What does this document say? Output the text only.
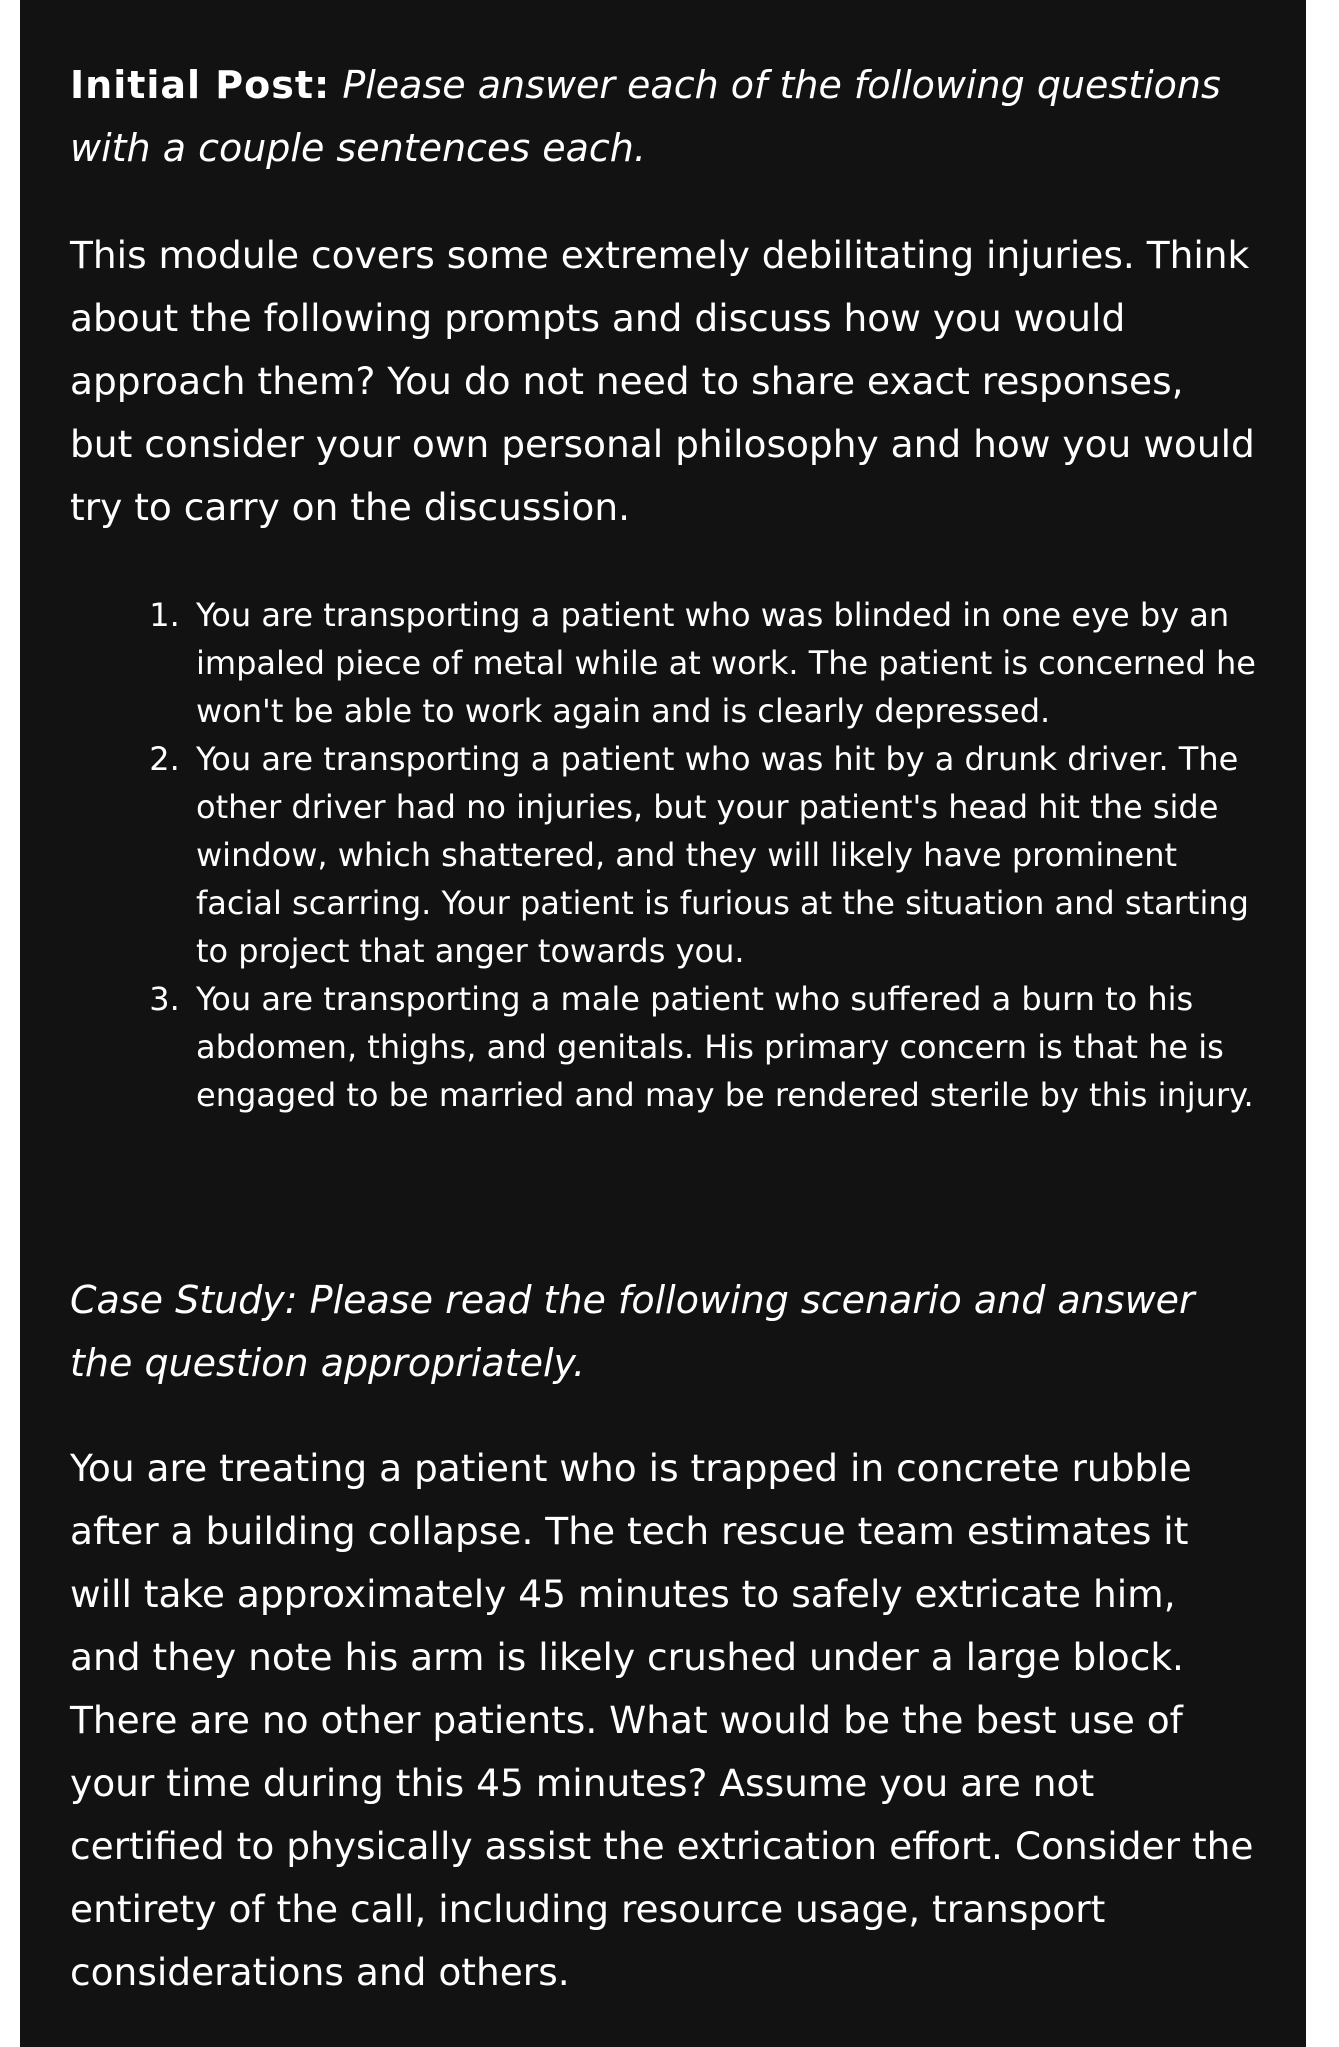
Initial Post: Please answer each of the following questions with a couple sentences each.

This module covers some extremely debilitating injuries. Think about the following prompts and discuss how you would approach them? You do not need to share exact responses, but consider your own personal philosophy and how you would try to carry on the discussion.

1. You are transporting a patient who was blinded in one eye by an impaled piece of metal while at work. The patient is concerned he won't be able to work again and is clearly depressed.
2. You are transporting a patient who was hit by a drunk driver. The other driver had no injuries, but your patient's head hit the side window, which shattered, and they will likely have prominent facial scarring. Your patient is furious at the situation and starting to project that anger towards you.
3. You are transporting a male patient who suffered a burn to his abdomen, thighs, and genitals. His primary concern is that he is engaged to be married and may be rendered sterile by this injury.

Case Study: Please read the following scenario and answer the question appropriately.

You are treating a patient who is trapped in concrete rubble after a building collapse. The tech rescue team estimates it will take approximately 45 minutes to safely extricate him, and they note his arm is likely crushed under a large block. There are no other patients. What would be the best use of your time during this 45 minutes? Assume you are not certified to physically assist the extrication effort. Consider the entirety of the call, including resource usage, transport considerations and others.
